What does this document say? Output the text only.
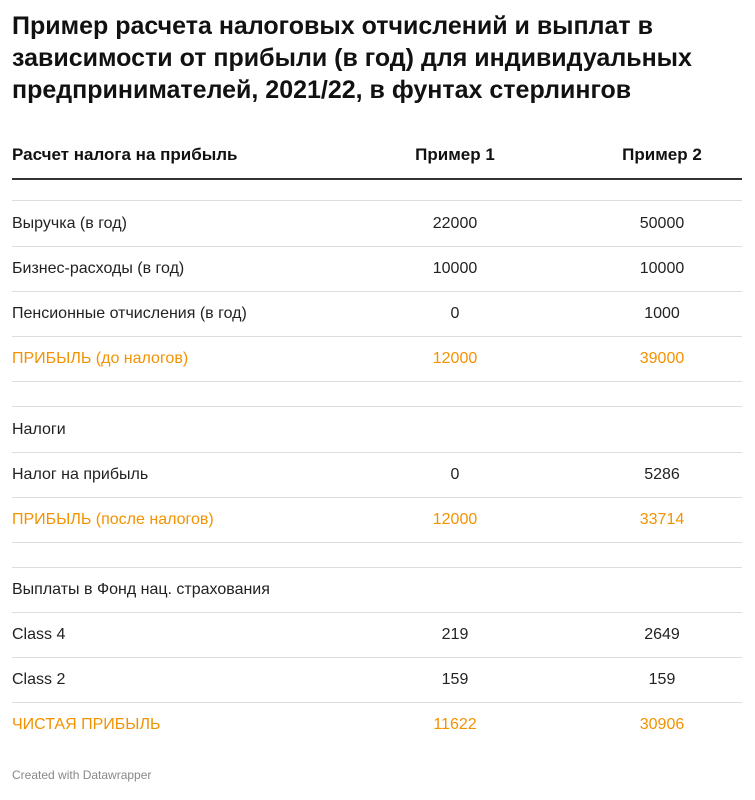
Пример расчета налоговых отчислений и выплат в зависимости от прибыли (в год) для индивидуальных предпринимателей, 2021/22, в фунтах стерлингов
Расчет налога на прибыль	Пример 1	Пример 2
Выручка (в год)	22000	50000
Бизнес-расходы (в год)	10000	10000
Пенсионные отчисления (в год)	0	1000
ПРИБЫЛЬ (до налогов)	12000	39000
Налоги
Налог на прибыль	0	5286
ПРИБЫЛЬ (после налогов)	12000	33714
Выплаты в Фонд нац. страхования
Class 4	219	2649
Class 2	159	159
ЧИСТАЯ ПРИБЫЛЬ	11622	30906
Created with Datawrapper
